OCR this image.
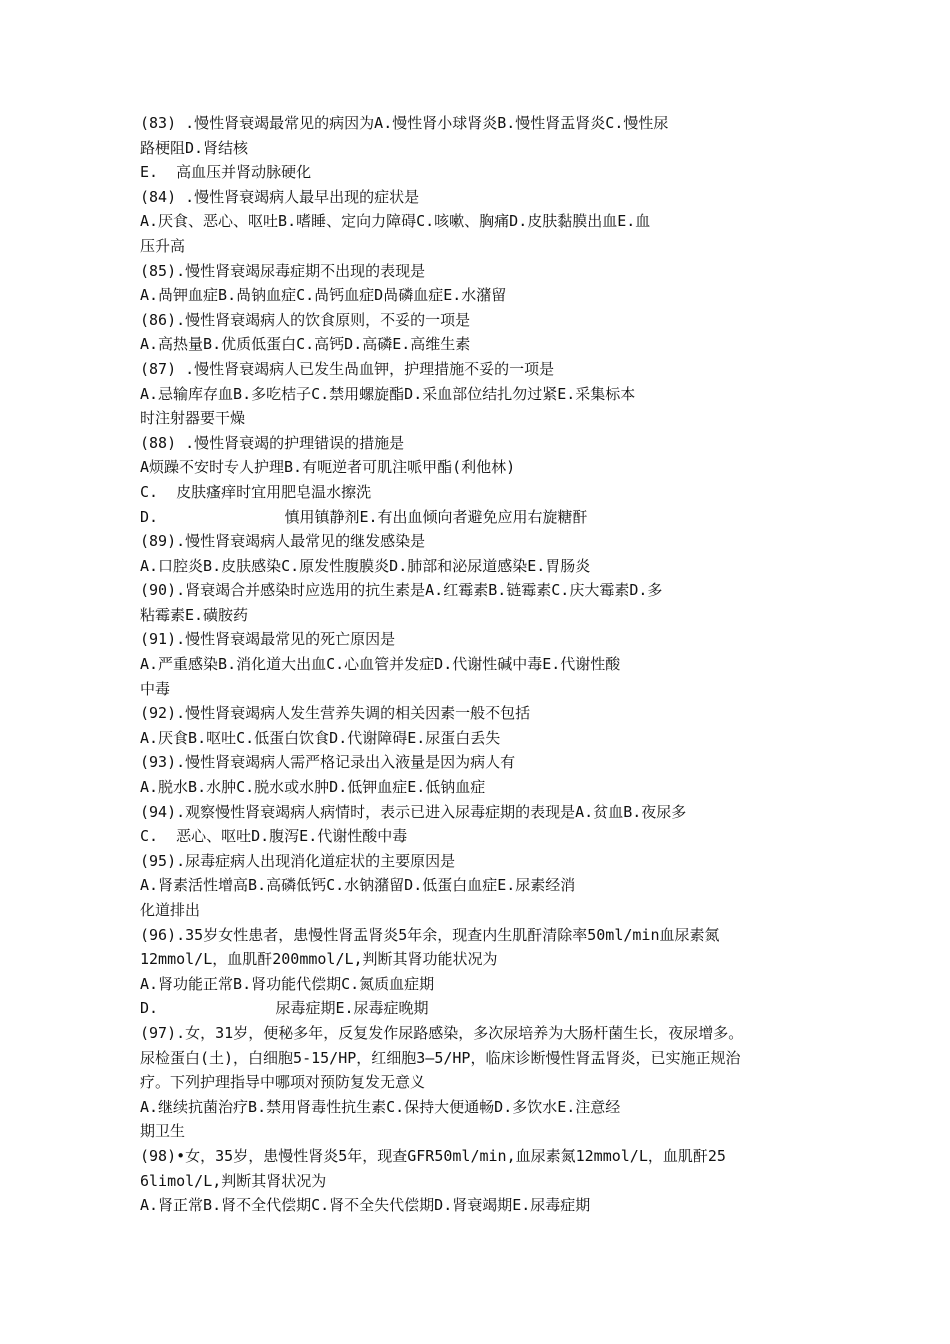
(83) .慢性肾衰竭最常见的病因为A.慢性肾小球肾炎B.慢性肾盂肾炎C.慢性尿
路梗阻D.肾结核
E.  高血压并肾动脉硬化
(84) .慢性肾衰竭病人最早出现的症状是
A.厌食、恶心、呕吐B.嗜睡、定向力障碍C.咳嗽、胸痛D.皮肤黏膜出血E.血
压升高
(85).慢性肾衰竭尿毒症期不出现的表现是
A.咼钾血症B.咼钠血症C.咼钙血症D咼磷血症E.水潴留
(86).慢性肾衰竭病人的饮食原则，不妥的一项是
A.高热量B.优质低蛋白C.高钙D.高磷E.高维生素
(87) .慢性肾衰竭病人已发生咼血钾，护理措施不妥的一项是
A.忌输库存血B.多吃桔子C.禁用螺旋酯D.采血部位结扎勿过紧E.采集标本
时注射器要干燥
(88) .慢性肾衰竭的护理错误的措施是
A烦躁不安时专人护理B.有呃逆者可肌注哌甲酯(利他林)
C.  皮肤瘙痒时宜用肥皂温水擦洗
D.              慎用镇静剂E.有出血倾向者避免应用右旋糖酐
(89).慢性肾衰竭病人最常见的继发感染是
A.口腔炎B.皮肤感染C.原发性腹膜炎D.肺部和泌尿道感染E.胃肠炎
(90).肾衰竭合并感染时应选用的抗生素是A.红霉素B.链霉素C.庆大霉素D.多
粘霉素E.磺胺药
(91).慢性肾衰竭最常见的死亡原因是
A.严重感染B.消化道大出血C.心血管并发症D.代谢性碱中毒E.代谢性酸
中毒
(92).慢性肾衰竭病人发生营养失调的相关因素一般不包括
A.厌食B.呕吐C.低蛋白饮食D.代谢障碍E.尿蛋白丢失
(93).慢性肾衰竭病人需严格记录出入液量是因为病人有
A.脱水B.水肿C.脱水或水肿D.低钾血症E.低钠血症
(94).观察慢性肾衰竭病人病情时，表示已进入尿毒症期的表现是A.贫血B.夜尿多
C.  恶心、呕吐D.腹泻E.代谢性酸中毒
(95).尿毒症病人出现消化道症状的主要原因是
A.肾素活性增高B.高磷低钙C.水钠潴留D.低蛋白血症E.尿素经消
化道排出
(96).35岁女性患者，患慢性肾盂肾炎5年余，现查内生肌酐清除率50ml/min血尿素氮
12mmol/L，血肌酐200mmol/L,判断其肾功能状况为
A.肾功能正常B.肾功能代偿期C.氮质血症期
D.             尿毒症期E.尿毒症晚期
(97).女，31岁，便秘多年，反复发作尿路感染，多次尿培养为大肠杆菌生长，夜尿增多。
尿检蛋白(土)，白细胞5-15/HP，红细胞3—5/HP，临床诊断慢性肾盂肾炎，已实施正规治
疗。下列护理指导中哪项对预防复发无意义
A.继续抗菌治疗B.禁用肾毒性抗生素C.保持大便通畅D.多饮水E.注意经
期卫生
(98)•女，35岁，患慢性肾炎5年，现查GFR50ml/min,血尿素氮12mmol/L，血肌酐25
6limol/L,判断其肾状况为
A.肾正常B.肾不全代偿期C.肾不全失代偿期D.肾衰竭期E.尿毒症期
